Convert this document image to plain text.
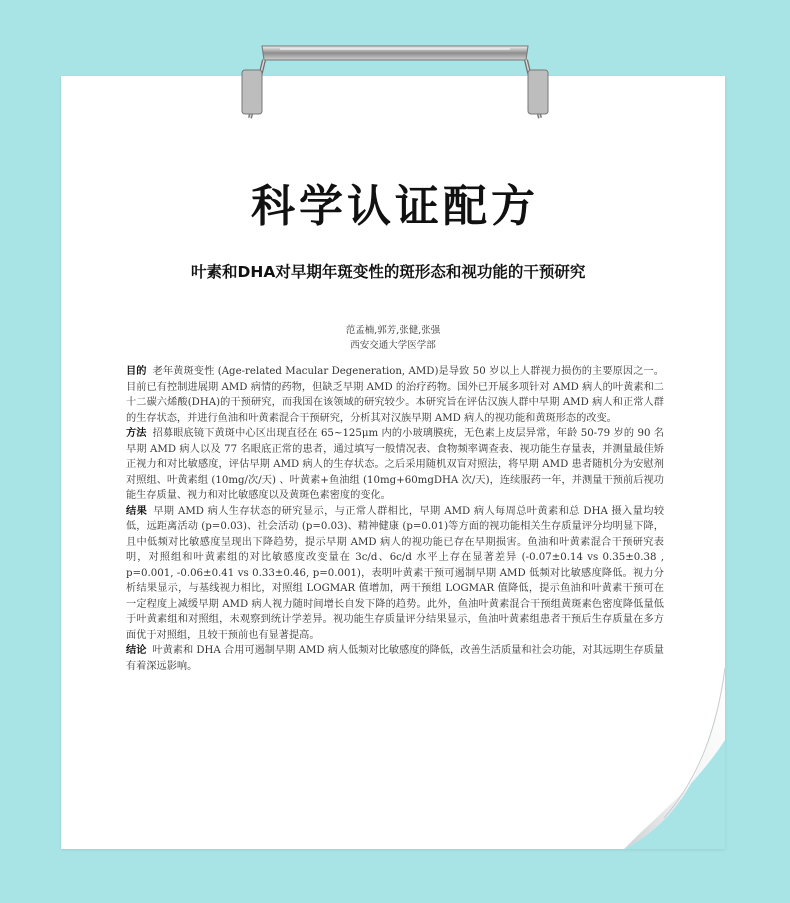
科学认证配方
叶素和DHA对早期年斑变性的斑形态和视功能的干预研究
范孟楠,郭芳,张健,张强
西安交通大学医学部

目的 老年黄斑变性 (Age-related Macular Degeneration, AMD)是导致 50 岁以上人群视力损伤的主要原因之一。目前已有控制进展期 AMD 病情的药物，但缺乏早期 AMD 的治疗药物。国外已开展多项针对 AMD 病人的叶黄素和二十二碳六烯酸(DHA)的干预研究，而我国在该领域的研究较少。本研究旨在评估汉族人群中早期 AMD 病人和正常人群的生存状态，并进行鱼油和叶黄素混合干预研究，分析其对汉族早期 AMD 病人的视功能和黄斑形态的改变。

方法 招募眼底镜下黄斑中心区出现直径在 65~125μm 内的小玻璃膜疣，无色素上皮层异常，年龄 50-79 岁的 90 名早期 AMD 病人以及 77 名眼底正常的患者，通过填写一般情况表、食物频率调查表、视功能生存量表，并测量最佳矫正视力和对比敏感度，评估早期 AMD 病人的生存状态。之后采用随机双盲对照法，将早期 AMD 患者随机分为安慰剂对照组、叶黄素组 (10mg/次/天) 、叶黄素+鱼油组 (10mg+60mgDHA 次/天)，连续服药一年，并测量干预前后视功能生存质量、视力和对比敏感度以及黄斑色素密度的变化。

结果 早期 AMD 病人生存状态的研究显示，与正常人群相比，早期 AMD 病人每周总叶黄素和总 DHA 摄入量均较低，远距离活动 (p=0.03)、社会活动 (p=0.03)、精神健康 (p=0.01)等方面的视功能相关生存质量评分均明显下降，且中低频对比敏感度呈现出下降趋势，提示早期 AMD 病人的视功能已存在早期损害。鱼油和叶黄素混合干预研究表明，对照组和叶黄素组的对比敏感度改变量在 3c/d、6c/d 水平上存在显著差异 (-0.07±0.14 vs 0.35±0.38 , p=0.001, -0.06±0.41 vs 0.33±0.46, p=0.001)，表明叶黄素干预可遏制早期 AMD 低频对比敏感度降低。视力分析结果显示，与基线视力相比，对照组 LOGMAR 值增加，两干预组 LOGMAR 值降低，提示鱼油和叶黄素干预可在一定程度上减缓早期 AMD 病人视力随时间增长自发下降的趋势。此外，鱼油叶黄素混合干预组黄斑素色密度降低量低于叶黄素组和对照组，未观察到统计学差异。视功能生存质量评分结果显示，鱼油叶黄素组患者干预后生存质量在多方面优于对照组，且较干预前也有显著提高。

结论 叶黄素和 DHA 合用可遏制早期 AMD 病人低频对比敏感度的降低，改善生活质量和社会功能，对其远期生存质量有着深远影响。
